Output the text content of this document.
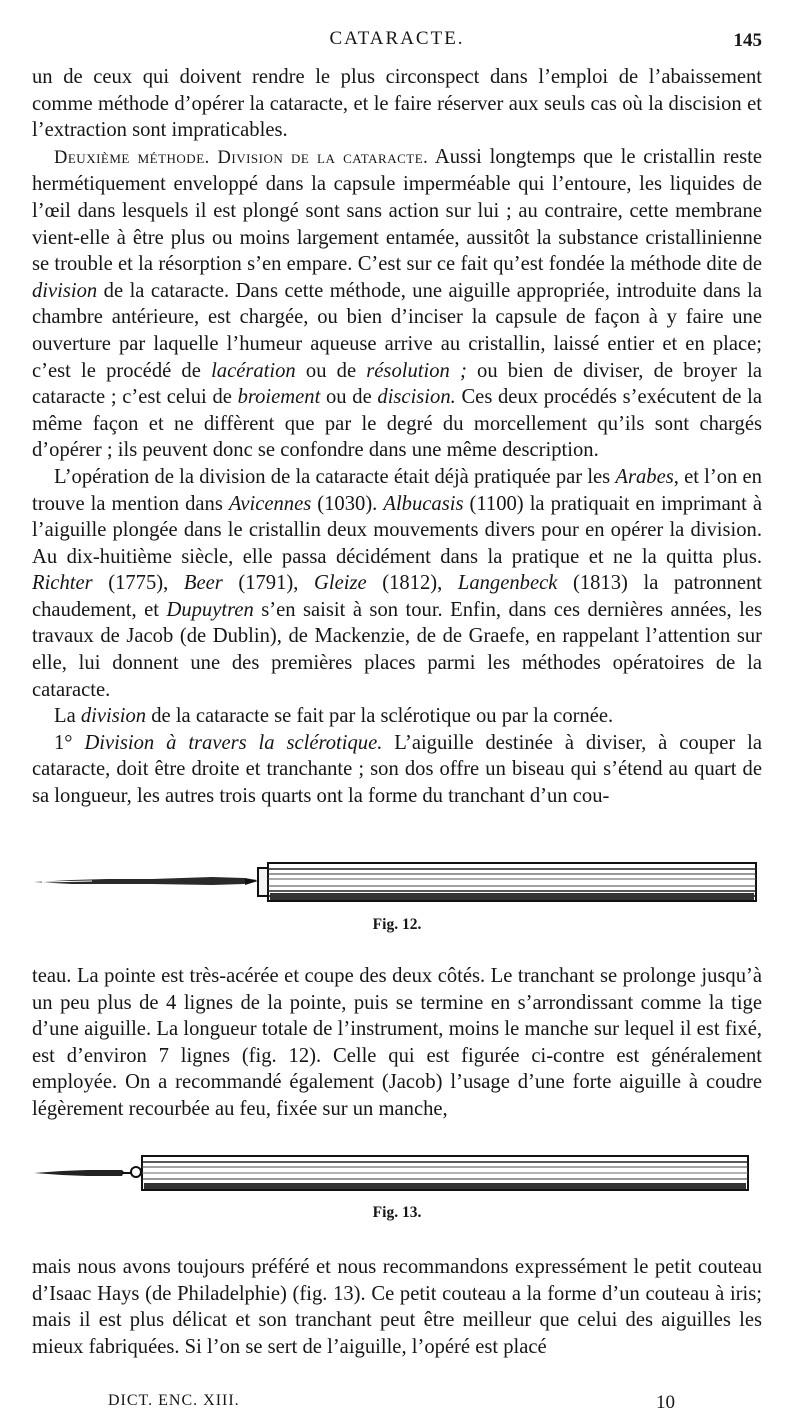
CATARACTE.	145

un de ceux qui doivent rendre le plus circonspect dans l’emploi de l’abaissement comme méthode d’opérer la cataracte, et le faire réserver aux seuls cas où la discision et l’extraction sont impraticables.

Deuxième méthode. Division de la cataracte. Aussi longtemps que le cristallin reste hermétiquement enveloppé dans la capsule imperméable qui l’entoure, les liquides de l’œil dans lesquels il est plongé sont sans action sur lui ; au contraire, cette membrane vient-elle à être plus ou moins largement entamée, aussitôt la substance cristallinienne se trouble et la résorption s’en empare. C’est sur ce fait qu’est fondée la méthode dite de division de la cataracte. Dans cette méthode, une aiguille appropriée, introduite dans la chambre antérieure, est chargée, ou bien d’inciser la capsule de façon à y faire une ouverture par laquelle l’humeur aqueuse arrive au cristallin, laissé entier et en place; c’est le procédé de lacération ou de résolution ; ou bien de diviser, de broyer la cataracte ; c’est celui de broiement ou de discision. Ces deux procédés s’exécutent de la même façon et ne diffèrent que par le degré du morcellement qu’ils sont chargés d’opérer ; ils peuvent donc se confondre dans une même description.

L’opération de la division de la cataracte était déjà pratiquée par les Arabes, et l’on en trouve la mention dans Avicennes (1030). Albucasis (1100) la pratiquait en imprimant à l’aiguille plongée dans le cristallin deux mouvements divers pour en opérer la division. Au dix-huitième siècle, elle passa décidément dans la pratique et ne la quitta plus. Richter (1775), Beer (1791), Gleize (1812), Langenbeck (1813) la patronnent chaudement, et Dupuytren s’en saisit à son tour. Enfin, dans ces dernières années, les travaux de Jacob (de Dublin), de Mackenzie, de de Graefe, en rappelant l’attention sur elle, lui donnent une des premières places parmi les méthodes opératoires de la cataracte.

La division de la cataracte se fait par la sclérotique ou par la cornée.

1° Division à travers la sclérotique. L’aiguille destinée à diviser, à couper la cataracte, doit être droite et tranchante ; son dos offre un biseau qui s’étend au quart de sa longueur, les autres trois quarts ont la forme du tranchant d’un cou-

Fig. 12.

teau. La pointe est très-acérée et coupe des deux côtés. Le tranchant se prolonge jusqu’à un peu plus de 4 lignes de la pointe, puis se termine en s’arrondissant comme la tige d’une aiguille. La longueur totale de l’instrument, moins le manche sur lequel il est fixé, est d’environ 7 lignes (fig. 12). Celle qui est figurée ci-contre est généralement employée. On a recommandé également (Jacob) l’usage d’une forte aiguille à coudre légèrement recourbée au feu, fixée sur un manche,

Fig. 13.

mais nous avons toujours préféré et nous recommandons expressément le petit couteau d’Isaac Hays (de Philadelphie) (fig. 13). Ce petit couteau a la forme d’un couteau à iris; mais il est plus délicat et son tranchant peut être meilleur que celui des aiguilles les mieux fabriquées. Si l’on se sert de l’aiguille, l’opéré est placé

DICT. ENC. XIII.	10
